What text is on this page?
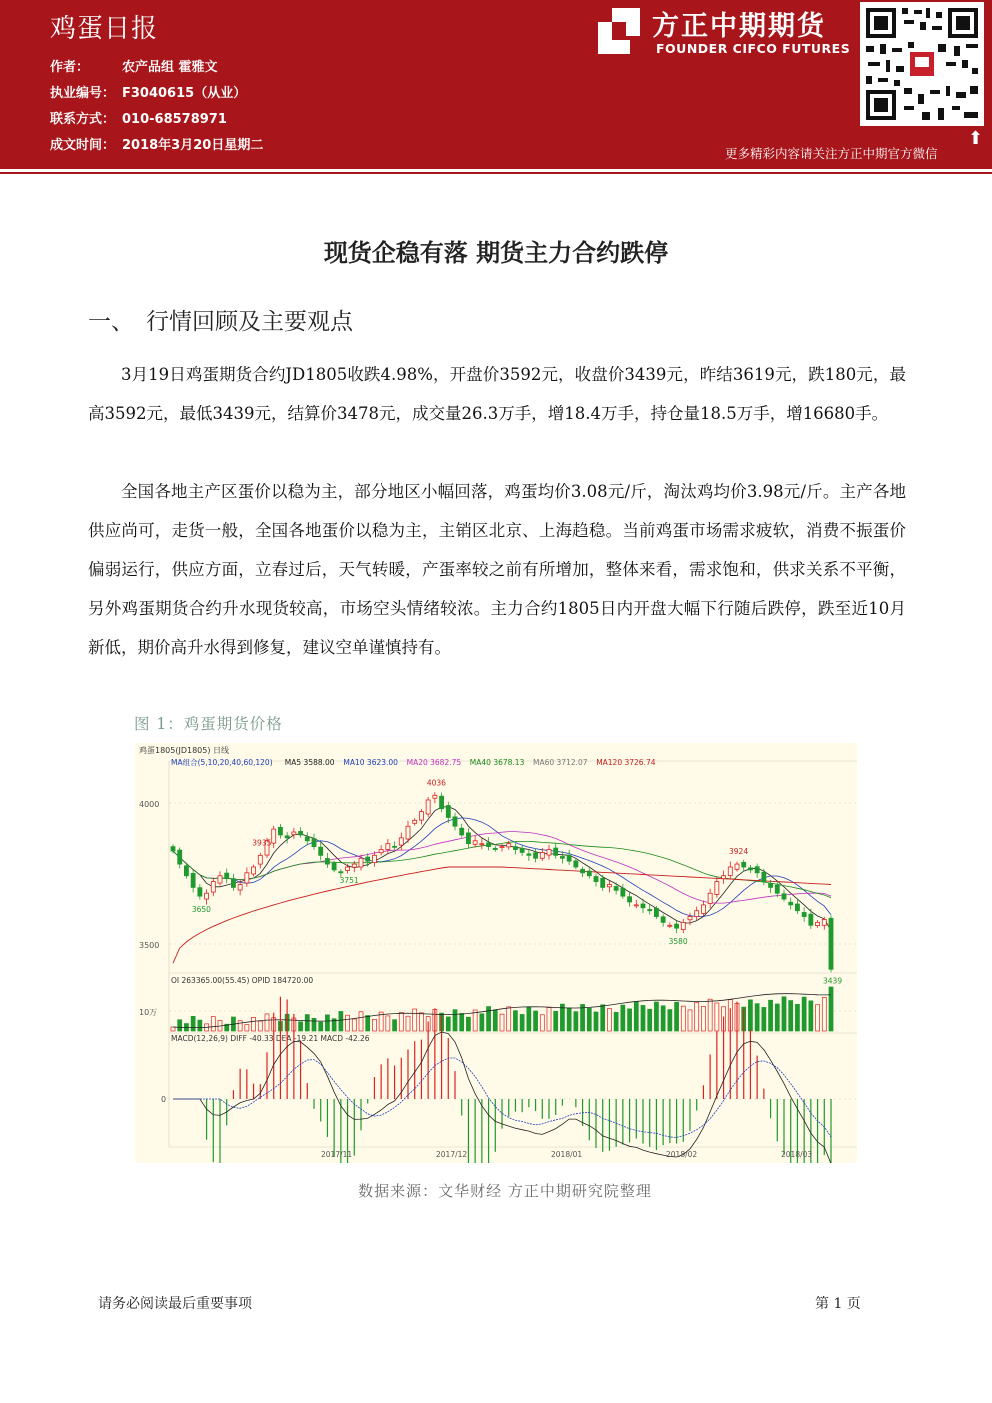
鸡蛋日报
作者：	农产品组 霍雅文
执业编号： F3040615（从业）
联系方式： 010-68578971
成文时间： 2018年3月20日星期二
方正中期期货
FOUNDER CIFCO FUTURES
更多精彩内容请关注方正中期官方微信
⬆
现货企稳有落 期货主力合约跌停
一、 行情回顾及主要观点
3月19日鸡蛋期货合约JD1805收跌4.98%，开盘价3592元，收盘价3439元，昨结3619元，跌180元，最高3592元，最低3439元，结算价3478元，成交量26.3万手，增18.4万手，持仓量18.5万手，增16680手。
全国各地主产区蛋价以稳为主，部分地区小幅回落，鸡蛋均价3.08元/斤，淘汰鸡均价3.98元/斤。主产各地供应尚可，走货一般，全国各地蛋价以稳为主，主销区北京、上海趋稳。当前鸡蛋市场需求疲软，消费不振蛋价偏弱运行，供应方面，立春过后，天气转暖，产蛋率较之前有所增加，整体来看，需求饱和，供求关系不平衡，另外鸡蛋期货合约升水现货较高，市场空头情绪较浓。主力合约1805日内开盘大幅下行随后跌停，跌至近10月新低，期价高升水得到修复，建议空单谨慎持有。
图 1：鸡蛋期货价格
鸡蛋1805(JD1805) 日线
4000
3500
10万
0
OI 263365.00(55.45) OPID 184720.00
MACD(12,26,9) DIFF -40.33 DEA -19.21 MACD -42.26
MA组合(5,10,20,40,60,120) MA5 3588.00 MA10 3623.00 MA20 3682.75 MA40 3678.13 MA60 3712.07 MA120 3726.74
3650
3935
3751
4036
3580
3924
3439
2017/11	2017/12	2018/01	2018/02	2018/03
数据来源：文华财经 方正中期研究院整理
请务必阅读最后重要事项	第 1 页
